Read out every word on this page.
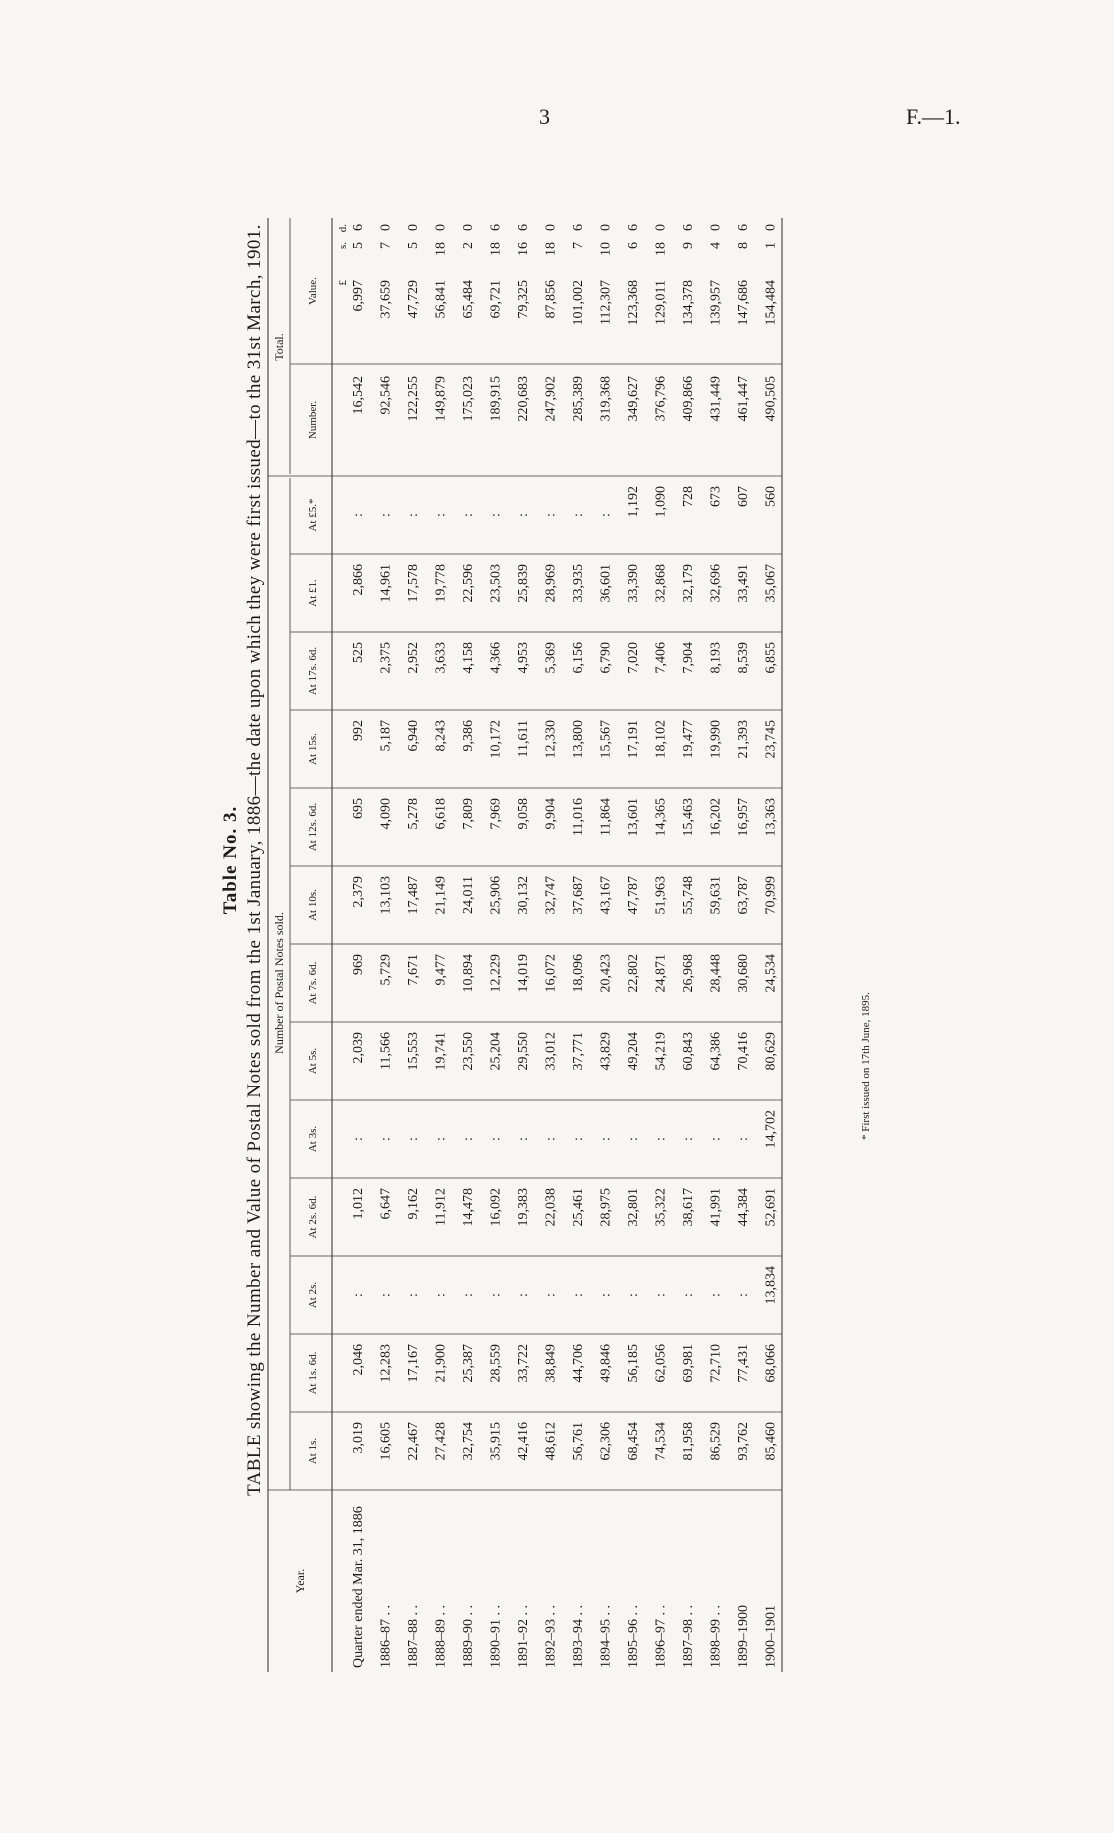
3	F.—1.
Table No. 3. TABLE showing the Number and Value of Postal Notes sold from the 1st January, 1886—the date upon which they were first issued—to the 31st March, 1901.
Year.
Number of Postal Notes sold.
Total.
At 1s.
At 1s. 6d.
At 2s.
At 2s. 6d.
At 3s.
At 5s.
At 7s. 6d.
At 10s.
At 12s. 6d.
At 15s.
At 17s. 6d.
At £1.
At £5.*
Number.
Value. £
s.
d.
Quarter ended Mar. 31, 1886
3,019
2,046
:
1,012
:
2,039
969
2,379
695
992
525
2,866
:
16,542
6,997
5
6
1886–87 . .
16,605
12,283
:
6,647
:
11,566
5,729
13,103
4,090
5,187
2,375
14,961
:
92,546
37,659
7
0
1887–88 . .
22,467
17,167
:
9,162
:
15,553
7,671
17,487
5,278
6,940
2,952
17,578
:
122,255
47,729
5
0
1888–89 . .
27,428
21,900
:
11,912
:
19,741
9,477
21,149
6,618
8,243
3,633
19,778
:
149,879
56,841
18
0
1889–90 . .
32,754
25,387
:
14,478
:
23,550
10,894
24,011
7,809
9,386
4,158
22,596
:
175,023
65,484
2
0
1890–91 . .
35,915
28,559
:
16,092
:
25,204
12,229
25,906
7,969
10,172
4,366
23,503
:
189,915
69,721
18
6
1891–92 . .
42,416
33,722
:
19,383
:
29,550
14,019
30,132
9,058
11,611
4,953
25,839
:
220,683
79,325
16
6
1892–93 . .
48,612
38,849
:
22,038
:
33,012
16,072
32,747
9,904
12,330
5,369
28,969
:
247,902
87,856
18
0
1893–94 . .
56,761
44,706
:
25,461
:
37,771
18,096
37,687
11,016
13,800
6,156
33,935
:
285,389
101,002
7
6
1894–95 . .
62,306
49,846
:
28,975
:
43,829
20,423
43,167
11,864
15,567
6,790
36,601
:
319,368
112,307
10
0
1895–96 . .
68,454
56,185
:
32,801
:
49,204
22,802
47,787
13,601
17,191
7,020
33,390
1,192
349,627
123,368
6
6
1896–97 . .
74,534
62,056
:
35,322
:
54,219
24,871
51,963
14,365
18,102
7,406
32,868
1,090
376,796
129,011
18
0
1897–98 . .
81,958
69,981
:
38,617
:
60,843
26,968
55,748
15,463
19,477
7,904
32,179
728
409,866
134,378
9
6
1898–99 . .
86,529
72,710
:
41,991
:
64,386
28,448
59,631
16,202
19,990
8,193
32,696
673
431,449
139,957
4
0
1899–1900
93,762
77,431
:
44,384
:
70,416
30,680
63,787
16,957
21,393
8,539
33,491
607
461,447
147,686
8
6
1900–1901
85,460
68,066
13,834
52,691
14,702
80,629
24,534
70,999
13,363
23,745
6,855
35,067
560
490,505
154,484
1
0
* First issued on 17th June, 1895.
